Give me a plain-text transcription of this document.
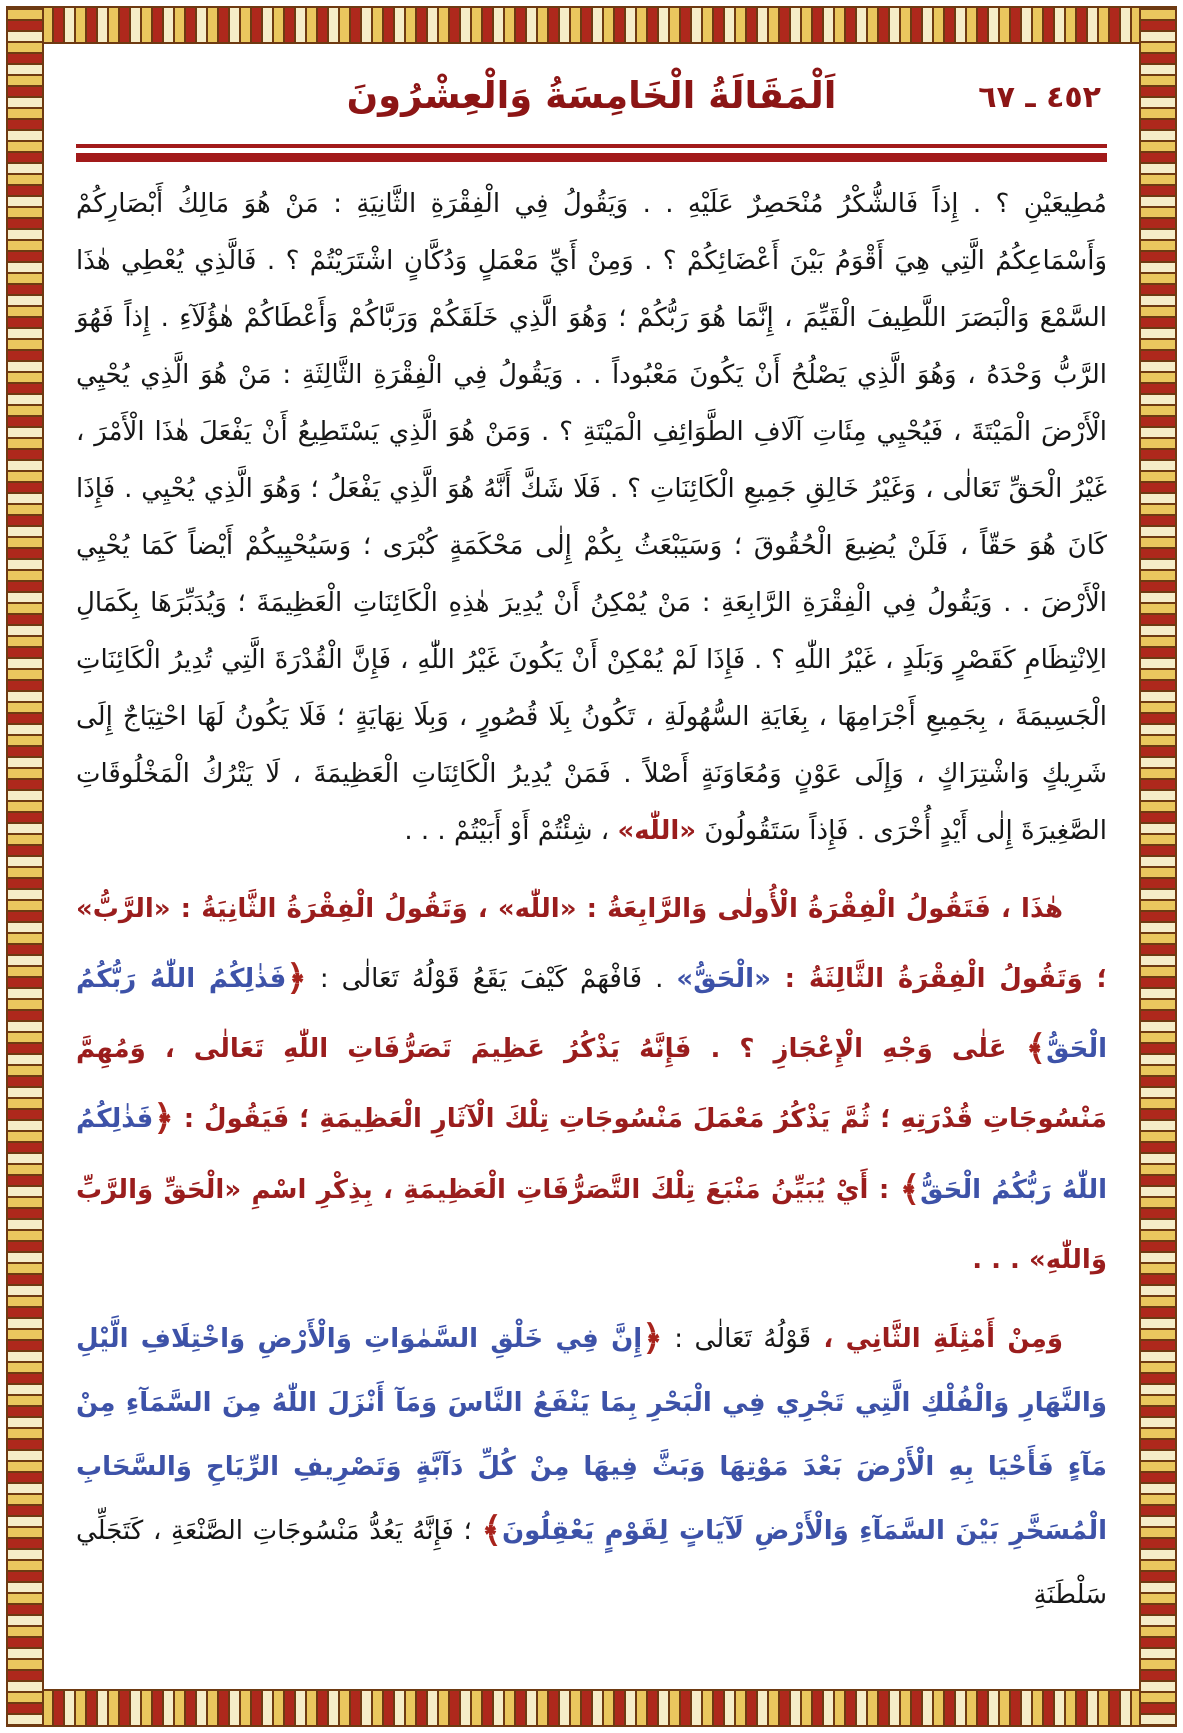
٤٥٢ ـ ٦٧
اَلْمَقَالَةُ الْخَامِسَةُ وَالْعِشْرُونَ

مُطِيعَيْنِ ؟ . إِذاً فَالشُّكْرُ مُنْحَصِرٌ عَلَيْهِ . . وَيَقُولُ فِي الْفِقْرَةِ الثَّانِيَةِ : مَنْ هُوَ مَالِكُ أَبْصَارِكُمْ وَأَسْمَاعِكُمُ الَّتِي هِيَ أَقْوَمُ بَيْنَ أَعْضَائِكُمْ ؟ . وَمِنْ أَيِّ مَعْمَلٍ وَدُكَّانٍ اشْتَرَيْتُمْ ؟ . فَالَّذِي يُعْطِي هٰذَا السَّمْعَ وَالْبَصَرَ اللَّطِيفَ الْقَيِّمَ ، إِنَّمَا هُوَ رَبُّكُمْ ؛ وَهُوَ الَّذِي خَلَقَكُمْ وَرَبَّاكُمْ وَأَعْطَاكُمْ هٰؤُلَآءِ . إِذاً فَهُوَ الرَّبُّ وَحْدَهُ ، وَهُوَ الَّذِي يَصْلُحُ أَنْ يَكُونَ مَعْبُوداً . . وَيَقُولُ فِي الْفِقْرَةِ الثَّالِثَةِ : مَنْ هُوَ الَّذِي يُحْيِي الْأَرْضَ الْمَيْتَةَ ، فَيُحْيِي مِئَاتِ آلَافِ الطَّوَائِفِ الْمَيْتَةِ ؟ . وَمَنْ هُوَ الَّذِي يَسْتَطِيعُ أَنْ يَفْعَلَ هٰذَا الْأَمْرَ ، غَيْرُ الْحَقِّ تَعَالٰى ، وَغَيْرُ خَالِقِ جَمِيعِ الْكَائِنَاتِ ؟ . فَلَا شَكَّ أَنَّهُ هُوَ الَّذِي يَفْعَلُ ؛ وَهُوَ الَّذِي يُحْيِي . فَإِذَا كَانَ هُوَ حَقّاً ، فَلَنْ يُضِيعَ الْحُقُوقَ ؛ وَسَيَبْعَثُ بِكُمْ إِلٰى مَحْكَمَةٍ كُبْرَى ؛ وَسَيُحْيِيكُمْ أَيْضاً كَمَا يُحْيِي الْأَرْضَ . . وَيَقُولُ فِي الْفِقْرَةِ الرَّابِعَةِ : مَنْ يُمْكِنُ أَنْ يُدِيرَ هٰذِهِ الْكَائِنَاتِ الْعَظِيمَةَ ؛ وَيُدَبِّرَهَا بِكَمَالِ الِانْتِظَامِ كَقَصْرٍ وَبَلَدٍ ، غَيْرُ اللّٰهِ ؟ . فَإِذَا لَمْ يُمْكِنْ أَنْ يَكُونَ غَيْرُ اللّٰهِ ، فَإِنَّ الْقُدْرَةَ الَّتِي تُدِيرُ الْكَائِنَاتِ الْجَسِيمَةَ ، بِجَمِيعِ أَجْرَامِهَا ، بِغَايَةِ السُّهُولَةِ ، تَكُونُ بِلَا قُصُورٍ ، وَبِلَا نِهَايَةٍ ؛ فَلَا يَكُونُ لَهَا احْتِيَاجٌ إِلَى شَرِيكٍ وَاشْتِرَاكٍ ، وَإِلَى عَوْنٍ وَمُعَاوَنَةٍ أَصْلاً . فَمَنْ يُدِيرُ الْكَائِنَاتِ الْعَظِيمَةَ ، لَا يَتْرُكُ الْمَخْلُوقَاتِ الصَّغِيرَةَ إِلٰى أَيْدٍ أُخْرَى . فَإِذاً سَتَقُولُونَ «اللّٰه» ، شِئْتُمْ أَوْ أَبَيْتُمْ . . .

هٰذَا ، فَتَقُولُ الْفِقْرَةُ الْأُولٰى وَالرَّابِعَةُ : «اللّٰه» ، وَتَقُولُ الْفِقْرَةُ الثَّانِيَةُ : «الرَّبُّ» ؛ وَتَقُولُ الْفِقْرَةُ الثَّالِثَةُ : «الْحَقُّ» . فَافْهَمْ كَيْفَ يَقَعُ قَوْلُهُ تَعَالٰى : ﴿فَذٰلِكُمُ اللّٰهُ رَبُّكُمُ الْحَقُّ﴾ عَلٰى وَجْهِ الْإِعْجَازِ ؟ . فَإِنَّهُ يَذْكُرُ عَظِيمَ تَصَرُّفَاتِ اللّٰهِ تَعَالٰى ، وَمُهِمَّ مَنْسُوجَاتِ قُدْرَتِهِ ؛ ثُمَّ يَذْكُرُ مَعْمَلَ مَنْسُوجَاتِ تِلْكَ الْآثَارِ الْعَظِيمَةِ ؛ فَيَقُولُ : ﴿فَذٰلِكُمُ اللّٰهُ رَبُّكُمُ الْحَقُّ﴾ : أَيْ يُبَيِّنُ مَنْبَعَ تِلْكَ التَّصَرُّفَاتِ الْعَظِيمَةِ ، بِذِكْرِ اسْمِ «الْحَقِّ وَالرَّبِّ وَاللّٰهِ» . . .

وَمِنْ أَمْثِلَةِ الثَّانِي ، قَوْلُهُ تَعَالٰى : ﴿إِنَّ فِي خَلْقِ السَّمٰوَاتِ وَالْأَرْضِ وَاخْتِلَافِ الَّيْلِ وَالنَّهَارِ وَالْفُلْكِ الَّتِي تَجْرِي فِي الْبَحْرِ بِمَا يَنْفَعُ النَّاسَ وَمَآ أَنْزَلَ اللّٰهُ مِنَ السَّمَآءِ مِنْ مَآءٍ فَأَحْيَا بِهِ الْأَرْضَ بَعْدَ مَوْتِهَا وَبَثَّ فِيهَا مِنْ كُلِّ دَآبَّةٍ وَتَصْرِيفِ الرِّيَاحِ وَالسَّحَابِ الْمُسَخَّرِ بَيْنَ السَّمَآءِ وَالْأَرْضِ لَآيَاتٍ لِقَوْمٍ يَعْقِلُونَ﴾ ؛ فَإِنَّهُ يَعُدُّ مَنْسُوجَاتِ الصَّنْعَةِ ، كَتَجَلِّي سَلْطَنَةِ
